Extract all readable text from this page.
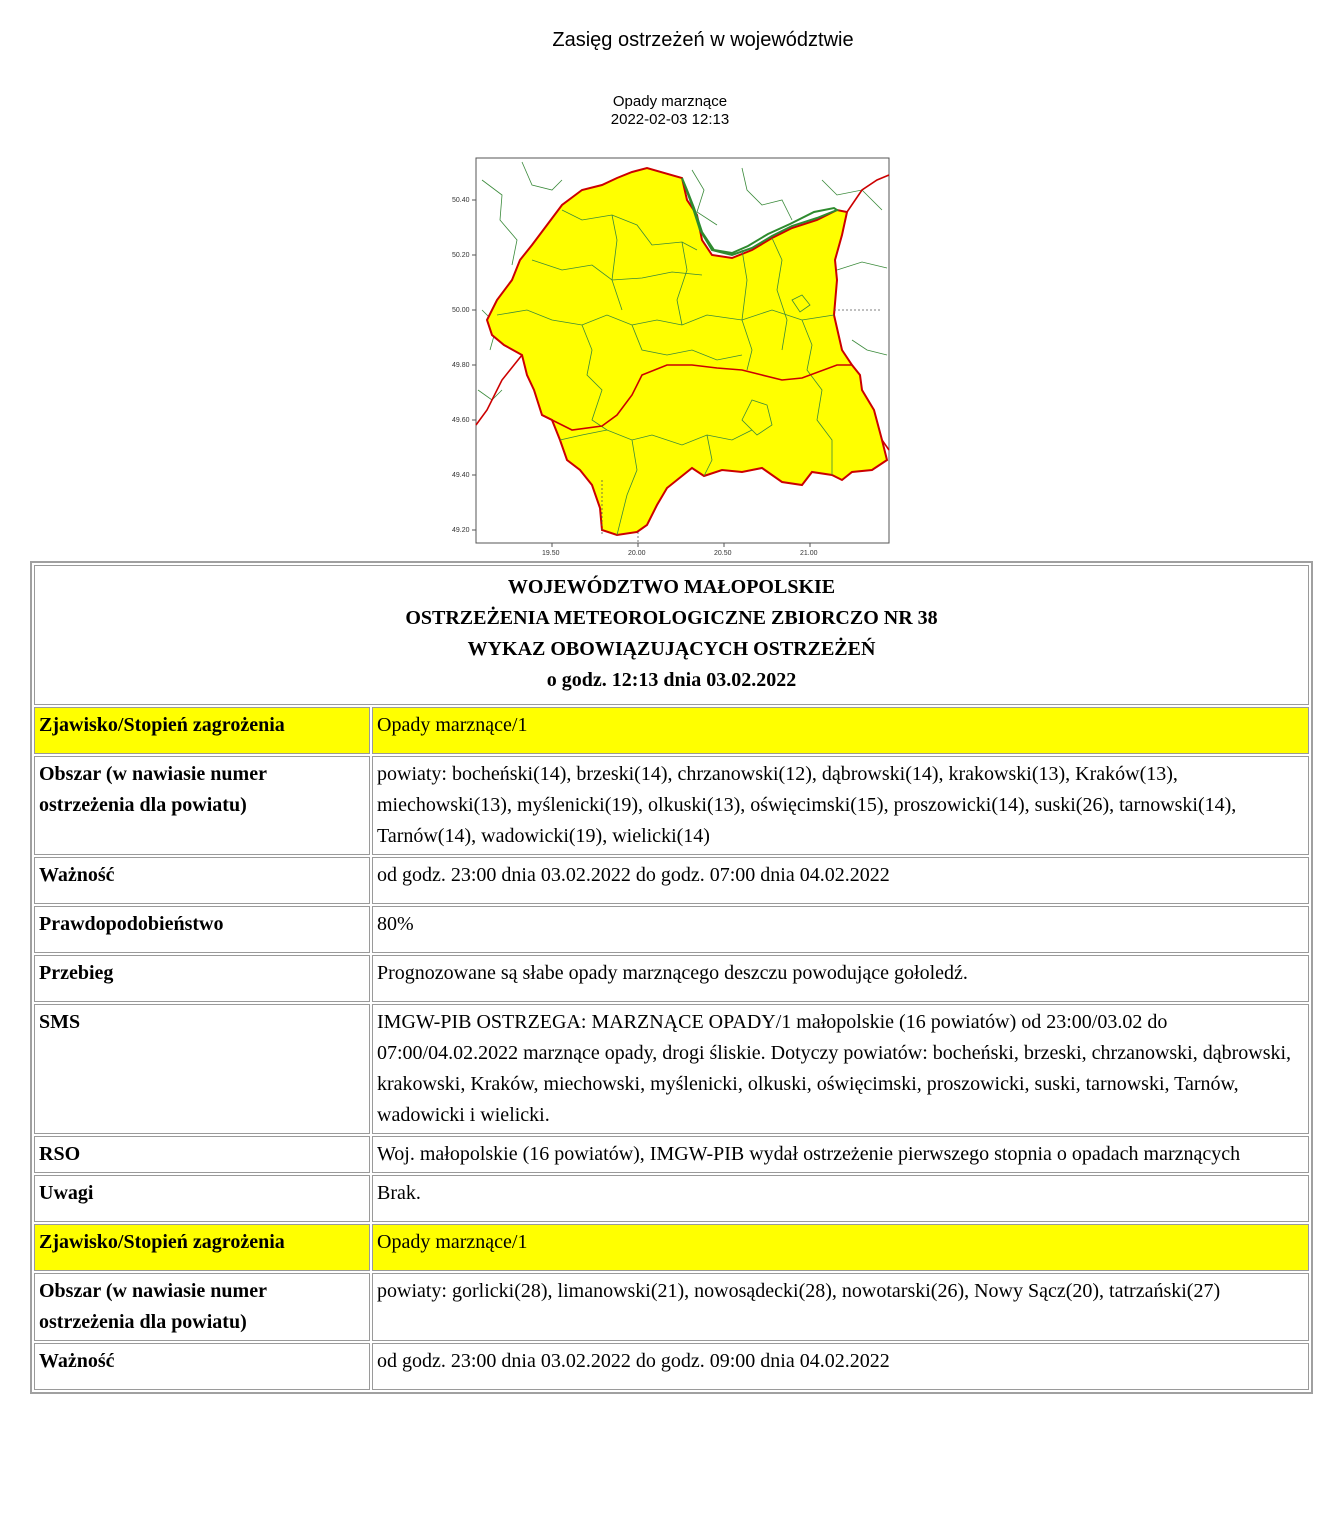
Zasięg ostrzeżeń w województwie
Opady marznące
2022-02-03 12:13
50.40
50.20
50.00
49.80
49.60
49.40
49.20
19.50	20.00	20.50	21.00
WOJEWÓDZTWO MAŁOPOLSKIE
OSTRZEŻENIA METEOROLOGICZNE ZBIORCZO NR 38
WYKAZ OBOWIĄZUJĄCYCH OSTRZEŻEŃ
o godz. 12:13 dnia 03.02.2022	

Zjawisko/Stopień zagrożenia	Opady marznące/1
Obszar (w nawiasie numer ostrzeżenia dla powiatu)	powiaty: bocheński(14), brzeski(14), chrzanowski(12), dąbrowski(14), krakowski(13), Kraków(13), miechowski(13), myślenicki(19), olkuski(13), oświęcimski(15), proszowicki(14), suski(26), tarnowski(14), Tarnów(14), wadowicki(19), wielicki(14)
Ważność	od godz. 23:00 dnia 03.02.2022 do godz. 07:00 dnia 04.02.2022
Prawdopodobieństwo	80%
Przebieg	Prognozowane są słabe opady marznącego deszczu powodujące gołoledź.
SMS	IMGW-PIB OSTRZEGA: MARZNĄCE OPADY/1 małopolskie (16 powiatów) od 23:00/03.02 do 07:00/04.02.2022 marznące opady, drogi śliskie. Dotyczy powiatów: bocheński, brzeski, chrzanowski, dąbrowski, krakowski, Kraków, miechowski, myślenicki, olkuski, oświęcimski, proszowicki, suski, tarnowski, Tarnów, wadowicki i wielicki.
RSO	Woj. małopolskie (16 powiatów), IMGW-PIB wydał ostrzeżenie pierwszego stopnia o opadach marznących
Uwagi	Brak.
Zjawisko/Stopień zagrożenia	Opady marznące/1
Obszar (w nawiasie numer ostrzeżenia dla powiatu)	powiaty: gorlicki(28), limanowski(21), nowosądecki(28), nowotarski(26), Nowy Sącz(20), tatrzański(27)
Ważność	od godz. 23:00 dnia 03.02.2022 do godz. 09:00 dnia 04.02.2022
